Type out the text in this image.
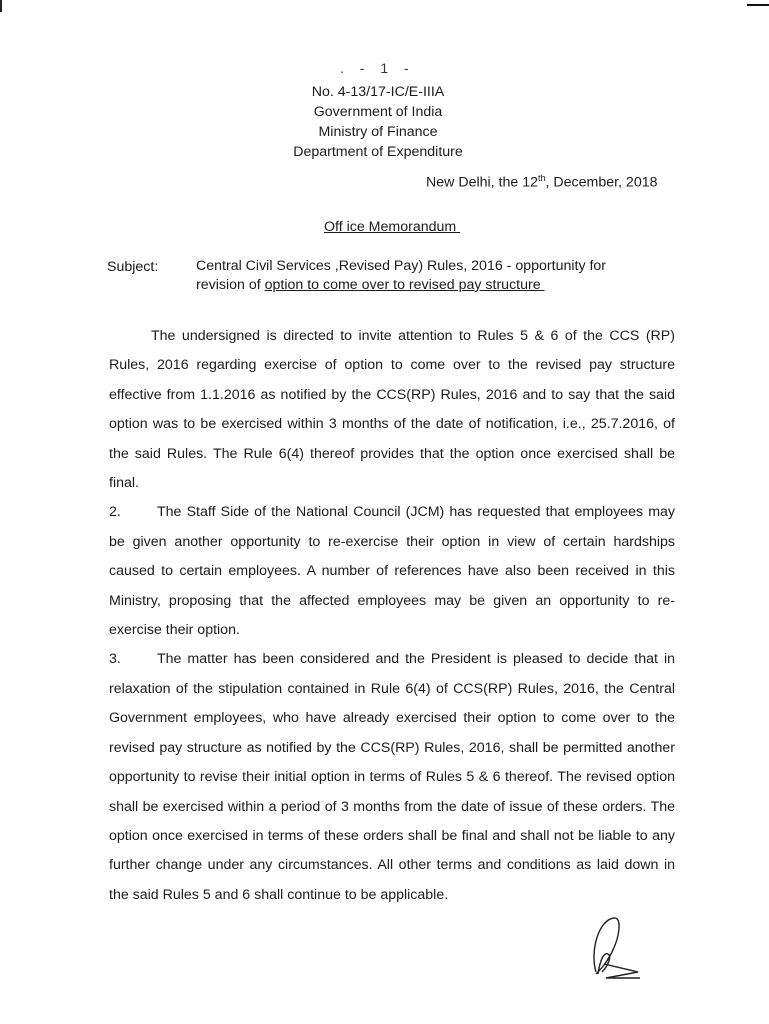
. - 1 -
No. 4-13/17-IC/E-IIIA
Government of India
Ministry of Finance
Department of Expenditure
New Delhi, the 12th, December, 2018
Off ice Memorandum
Subject:	Central Civil Services ,Revised Pay) Rules, 2016 - opportunity for
revision of option to come over to revised pay structure

The undersigned is directed to invite attention to Rules 5 & 6 of the CCS (RP) Rules, 2016 regarding exercise of option to come over to the revised pay structure effective from 1.1.2016 as notified by the CCS(RP) Rules, 2016 and to say that the said option was to be exercised within 3 months of the date of notification, i.e., 25.7.2016, of the said Rules. The Rule 6(4) thereof provides that the option once exercised shall be final.

2.	The Staff Side of the National Council (JCM) has requested that employees may be given another opportunity to re-exercise their option in view of certain hardships caused to certain employees. A number of references have also been received in this Ministry, proposing that the affected employees may be given an opportunity to re-exercise their option.

3.	The matter has been considered and the President is pleased to decide that in relaxation of the stipulation contained in Rule 6(4) of CCS(RP) Rules, 2016, the Central Government employees, who have already exercised their option to come over to the revised pay structure as notified by the CCS(RP) Rules, 2016, shall be permitted another opportunity to revise their initial option in terms of Rules 5 & 6 thereof. The revised option shall be exercised within a period of 3 months from the date of issue of these orders. The option once exercised in terms of these orders shall be final and shall not be liable to any further change under any circumstances. All other terms and conditions as laid down in the said Rules 5 and 6 shall continue to be applicable.
